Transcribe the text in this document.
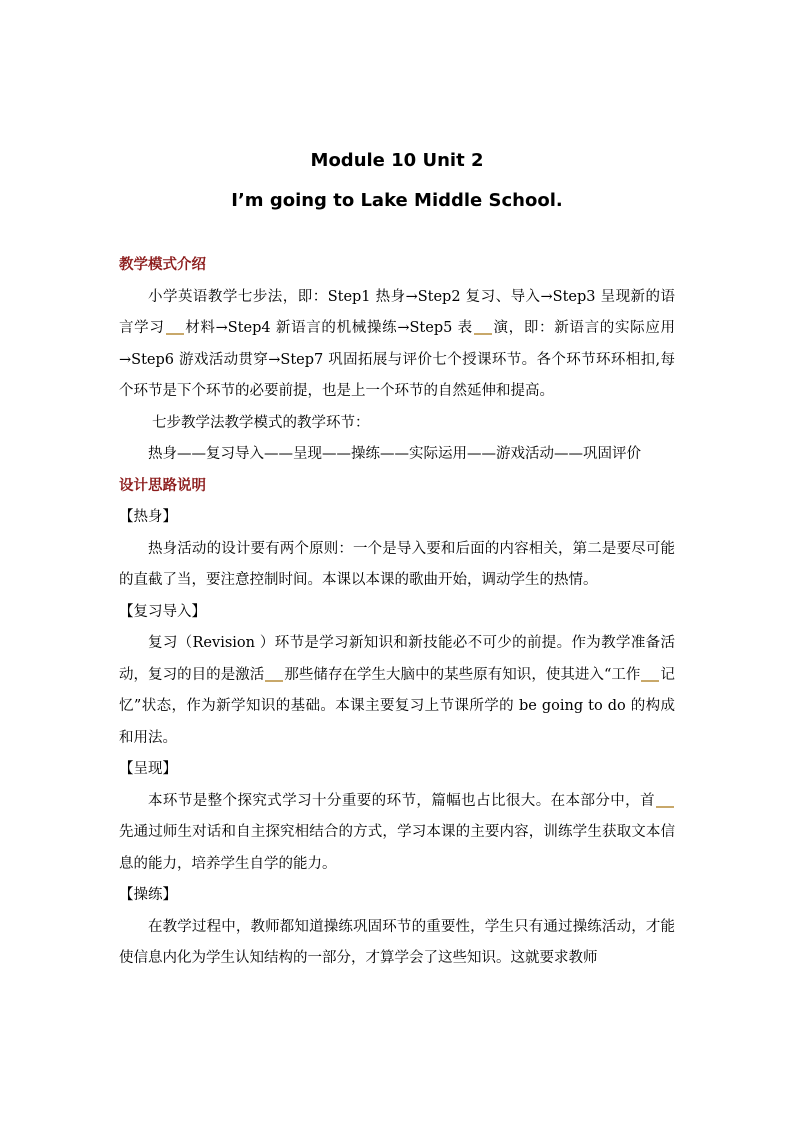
Module 10 Unit 2
I’m going to Lake Middle School.

教学模式介绍

小学英语教学七步法，即：Step1 热身→Step2 复习、导入→Step3 呈现新的语言学习 材料→Step4 新语言的机械操练→Step5 表 演，即：新语言的实际应用→Step6 游戏活动贯穿→Step7 巩固拓展与评价七个授课环节。各个环节环环相扣,每个环节是下个环节的必要前提，也是上一个环节的自然延伸和提高。

七步教学法教学模式的教学环节：

热身——复习导入——呈现——操练——实际运用——游戏活动——巩固评价

设计思路说明

【热身】

热身活动的设计要有两个原则：一个是导入要和后面的内容相关，第二是要尽可能的直截了当，要注意控制时间。本课以本课的歌曲开始，调动学生的热情。

【复习导入】

复习（Revision ）环节是学习新知识和新技能必不可少的前提。作为教学准备活动，复习的目的是激活 那些储存在学生大脑中的某些原有知识，使其进入“工作 记忆”状态，作为新学知识的基础。本课主要复习上节课所学的 be going to do 的构成和用法。

【呈现】

本环节是整个探究式学习十分重要的环节，篇幅也占比很大。在本部分中，首先通过师生对话和自主探究相结合的方式，学习本课的主要内容，训练学生获取文本信息的能力，培养学生自学的能力。

【操练】

在教学过程中，教师都知道操练巩固环节的重要性，学生只有通过操练活动，才能使信息内化为学生认知结构的一部分，才算学会了这些知识。这就要求教师
